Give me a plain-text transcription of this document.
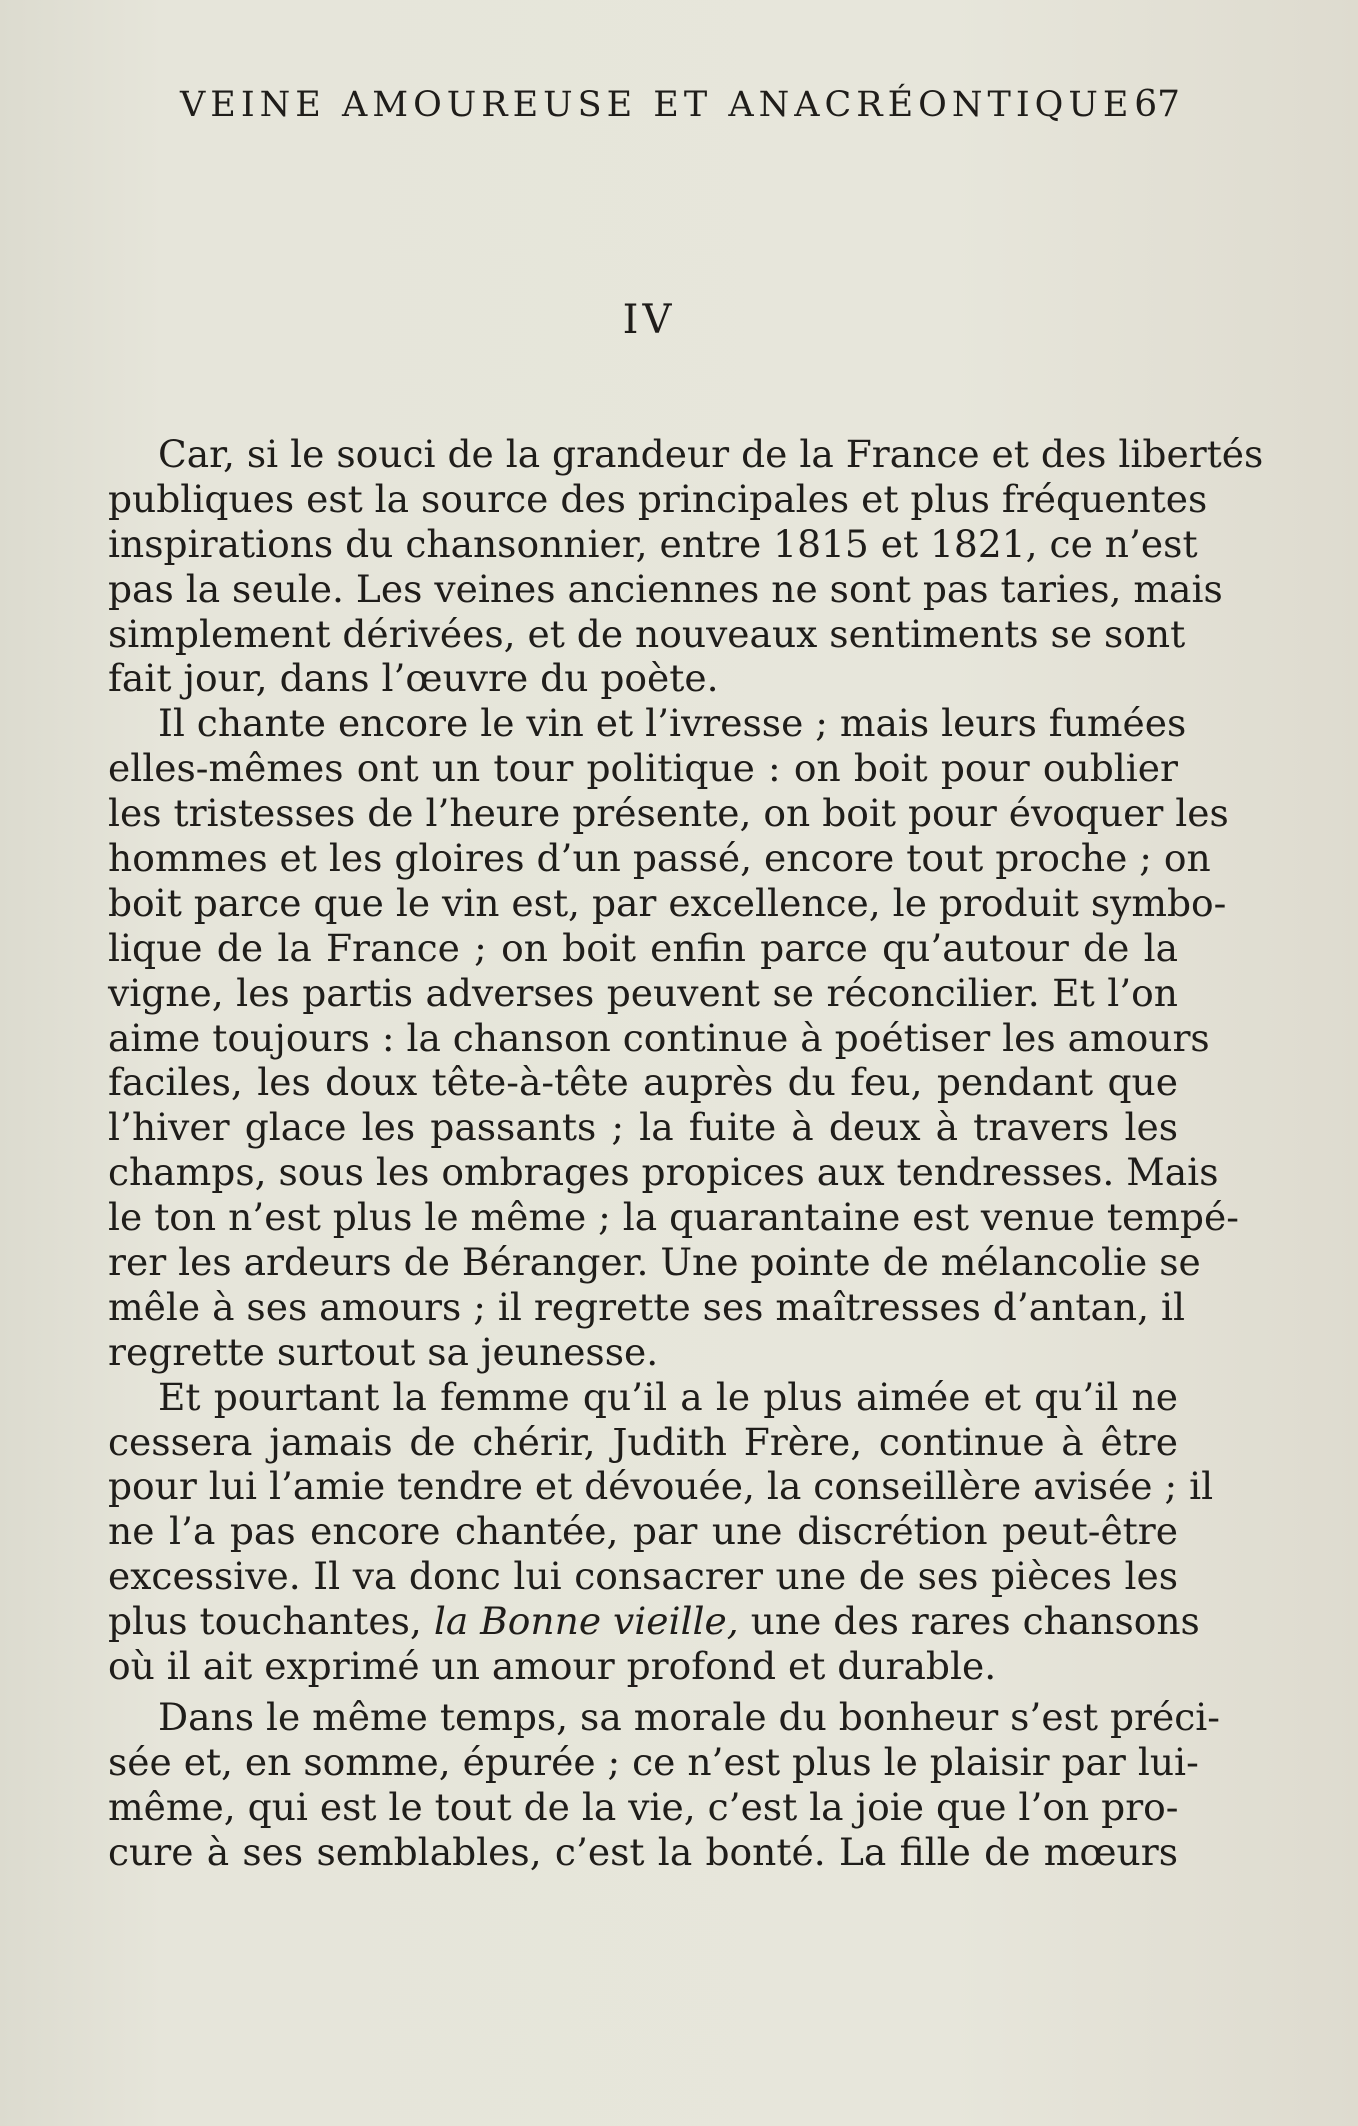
VEINE AMOUREUSE ET ANACRÉONTIQUE 67
IV
Car, si le souci de la grandeur de la France et des libertés
publiques est la source des principales et plus fréquentes
inspirations du chansonnier, entre 1815 et 1821, ce n’est
pas la seule. Les veines anciennes ne sont pas taries, mais
simplement dérivées, et de nouveaux sentiments se sont
fait jour, dans l’œuvre du poète.
Il chante encore le vin et l’ivresse ; mais leurs fumées
elles-mêmes ont un tour politique : on boit pour oublier
les tristesses de l’heure présente, on boit pour évoquer les
hommes et les gloires d’un passé, encore tout proche ; on
boit parce que le vin est, par excellence, le produit symbo-
lique de la France ; on boit enfin parce qu’autour de la
vigne, les partis adverses peuvent se réconcilier. Et l’on
aime toujours : la chanson continue à poétiser les amours
faciles, les doux tête-à-tête auprès du feu, pendant que
l’hiver glace les passants ; la fuite à deux à travers les
champs, sous les ombrages propices aux tendresses. Mais
le ton n’est plus le même ; la quarantaine est venue tempé-
rer les ardeurs de Béranger. Une pointe de mélancolie se
mêle à ses amours ; il regrette ses maîtresses d’antan, il
regrette surtout sa jeunesse.
Et pourtant la femme qu’il a le plus aimée et qu’il ne
cessera jamais de chérir, Judith Frère, continue à être
pour lui l’amie tendre et dévouée, la conseillère avisée ; il
ne l’a pas encore chantée, par une discrétion peut-être
excessive. Il va donc lui consacrer une de ses pièces les
plus touchantes, la Bonne vieille, une des rares chansons
où il ait exprimé un amour profond et durable.
Dans le même temps, sa morale du bonheur s’est préci-
sée et, en somme, épurée ; ce n’est plus le plaisir par lui-
même, qui est le tout de la vie, c’est la joie que l’on pro-
cure à ses semblables, c’est la bonté. La fille de mœurs
